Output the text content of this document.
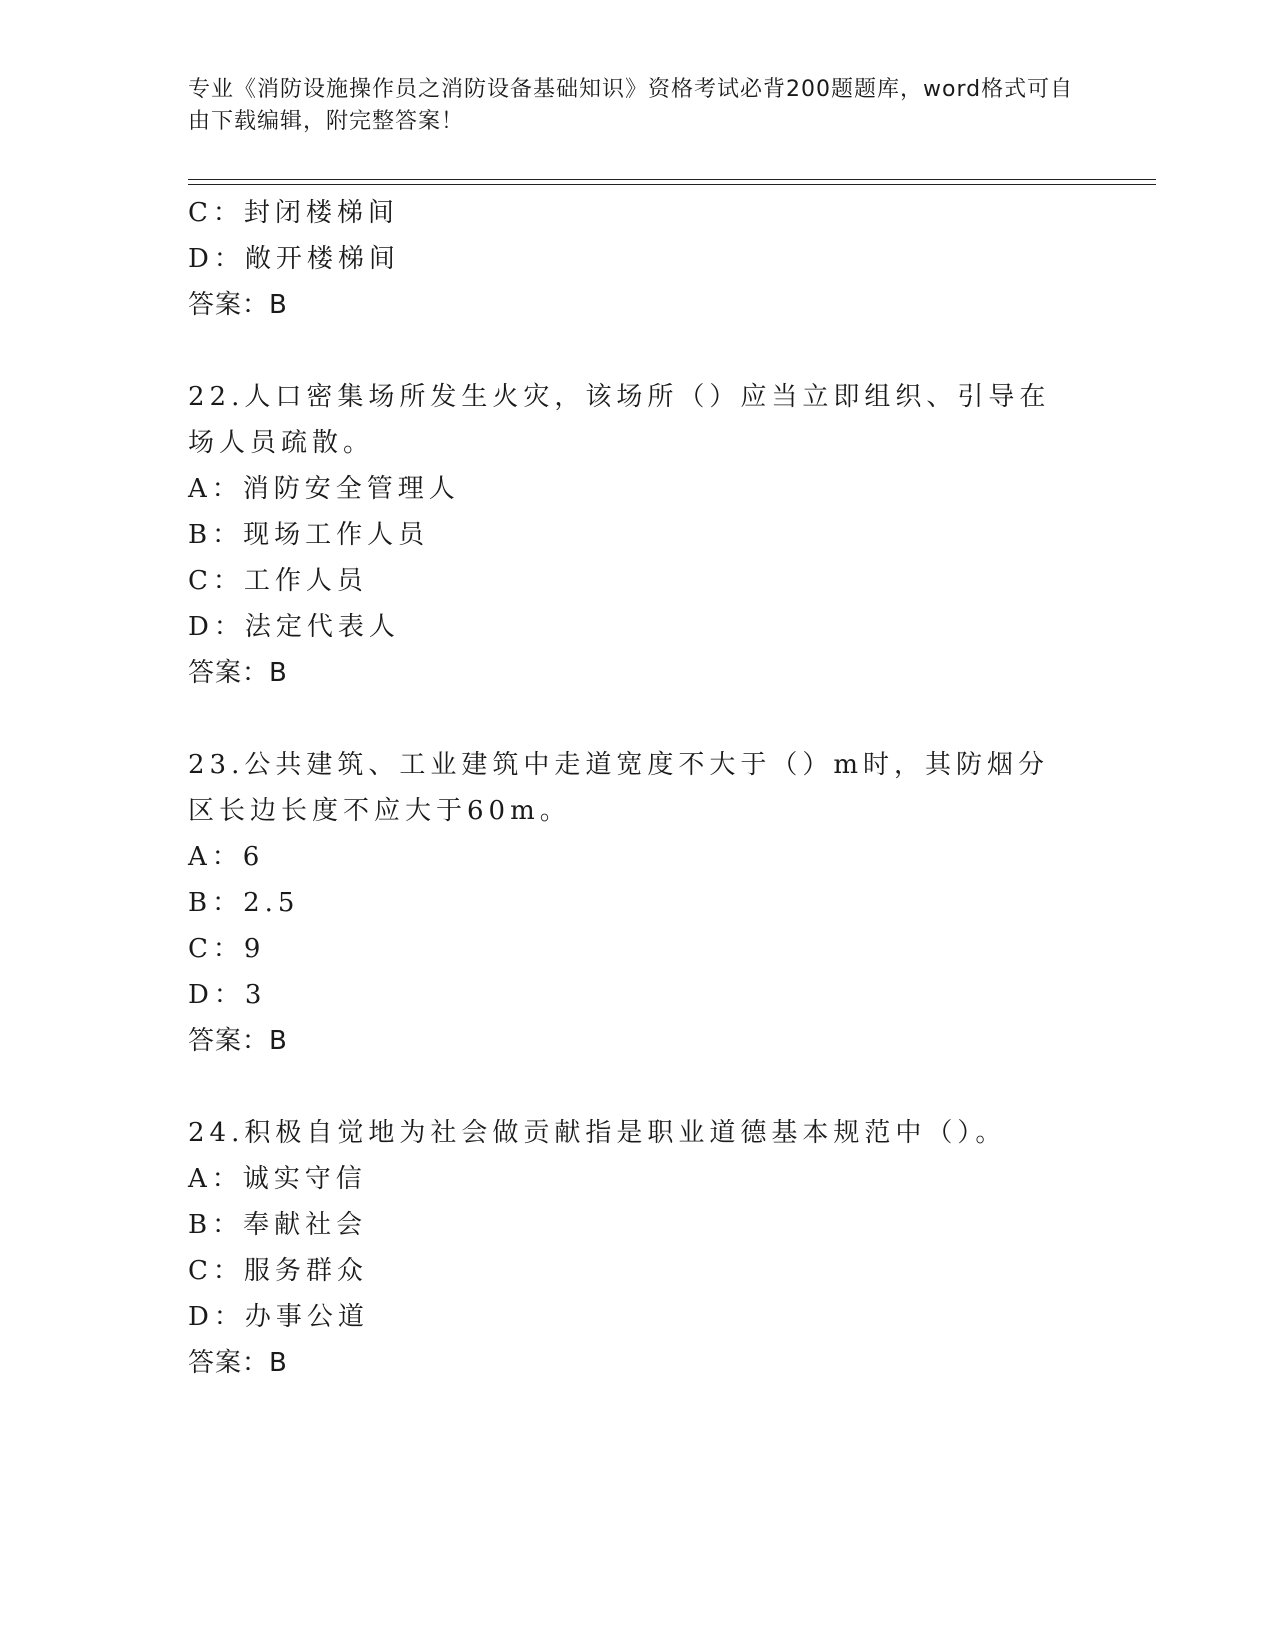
专业《消防设施操作员之消防设备基础知识》资格考试必背200题题库，word格式可自由下载编辑，附完整答案！
C：封闭楼梯间
D：敞开楼梯间
答案：B
22.人口密集场所发生火灾，该场所（）应当立即组织、引导在场人员疏散。
A：消防安全管理人
B：现场工作人员
C：工作人员
D：法定代表人
答案：B
23.公共建筑、工业建筑中走道宽度不大于（）m时，其防烟分区长边长度不应大于60m。
A：6
B：2.5
C：9
D：3
答案：B
24.积极自觉地为社会做贡献指是职业道德基本规范中（）。
A：诚实守信
B：奉献社会
C：服务群众
D：办事公道
答案：B
